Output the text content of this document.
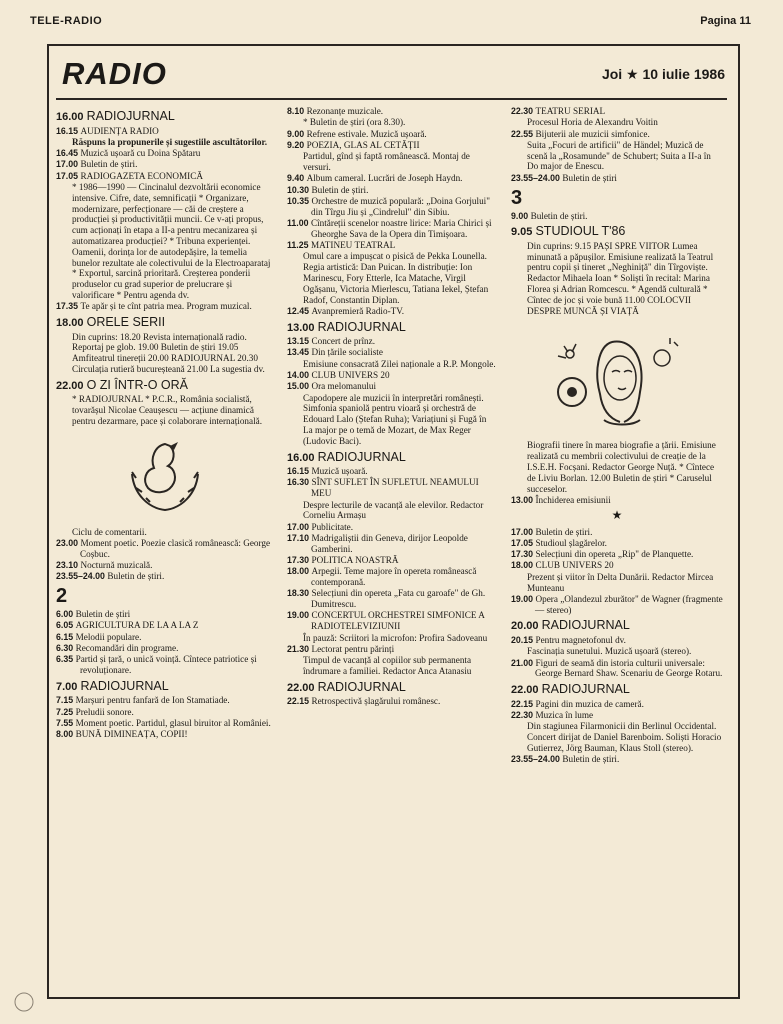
TELE-RADIO	Pagina 11
RADIO	Joi ★ 10 iulie 1986
16.00 RADIOJURNAL
16.15 AUDIENȚA RADIO
Răspuns la propunerile și sugestiile ascultătorilor.
16.45 Muzică ușoară cu Doina Spătaru
17.00 Buletin de știri.
17.05 RADIOGAZETA ECONOMICĂ
* 1986—1990 — Cincinalul dezvoltării economice intensive. Cifre, date, semnificații * Organizare, modernizare, perfecționare — căi de creștere a producției și productivității muncii. Ce v-ați propus, cum acționați în etapa a II-a pentru mecanizarea și automatizarea producției? * Tribuna experienței. Oamenii, dorința lor de autodepășire, la temelia bunelor rezultate ale colectivului de la Electroaparataj * Exportul, sarcină prioritară. Creșterea ponderii produselor cu grad superior de prelucrare și valorificare * Pentru agenda dv.
17.35 Te apăr și te cînt patria mea. Program muzical.
18.00 ORELE SERII
Din cuprins: 18.20 Revista internațională radio. Reportaj pe glob. 19.00 Buletin de știri 19.05 Amfiteatrul tinereții 20.00 RADIOJURNAL 20.30 Circulația rutieră bucureșteană 21.00 La sugestia dv.
22.00 O ZI ÎNTR-O ORĂ
* RADIOJURNAL * P.C.R., România socialistă, tovarășul Nicolae Ceaușescu — acțiune dinamică pentru dezarmare, pace și colaborare internațională.
Ciclu de comentarii.
23.00 Moment poetic. Poezie clasică românească: George Coșbuc.
23.10 Nocturnă muzicală.
23.55–24.00 Buletin de știri.
2
6.00 Buletin de știri
6.05 AGRICULTURA DE LA A LA Z
6.15 Melodii populare.
6.30 Recomandări din programe.
6.35 Partid și țară, o unică voință. Cîntece patriotice și revoluționare.
7.00 RADIOJURNAL
7.15 Marșuri pentru fanfară de Ion Stamatiade.
7.25 Preludii sonore.
7.55 Moment poetic. Partidul, glasul biruitor al României.
8.00 BUNĂ DIMINEAȚA, COPII!
8.10 Rezonanțe muzicale.
* Buletin de știri (ora 8.30).
9.00 Refrene estivale. Muzică ușoară.
9.20 POEZIA, GLAS AL CETĂȚII
Partidul, gînd și faptă românească. Montaj de versuri.
9.40 Album cameral. Lucrări de Joseph Haydn.
10.30 Buletin de știri.
10.35 Orchestre de muzică populară: „Doina Gorjului" din Tîrgu Jiu și „Cindrelul" din Sibiu.
11.00 Cîntăreții scenelor noastre lirice: Maria Chirici și Gheorghe Sava de la Opera din Timișoara.
11.25 MATINEU TEATRAL
Omul care a impușcat o pisică de Pekka Lounella. Regia artistică: Dan Puican. In distribuție: Ion Marinescu, Fory Etterle, Ica Matache, Virgil Ogășanu, Victoria Mierlescu, Tatiana Iekel, Ștefan Radof, Constantin Diplan.
12.45 Avanpremieră Radio-TV.
13.00 RADIOJURNAL
13.15 Concert de prînz.
13.45 Din țările socialiste
Emisiune consacrată Zilei naționale a R.P. Mongole.
14.00 CLUB UNIVERS 20
15.00 Ora melomanului
Capodopere ale muzicii în interpretări românești. Simfonia spaniolă pentru vioară și orchestră de Edouard Lalo (Ștefan Ruha); Variațiuni și Fugă în La major pe o temă de Mozart, de Max Reger (Ludovic Baci).
16.00 RADIOJURNAL
16.15 Muzică ușoară.
16.30 SÎNT SUFLET ÎN SUFLETUL NEAMULUI MEU
Despre lecturile de vacanță ale elevilor. Redactor Corneliu Armașu
17.00 Publicitate.
17.10 Madrigaliștii din Geneva, dirijor Leopolde Gamberini.
17.30 POLITICA NOASTRĂ
18.00 Arpegii. Teme majore în opereta românească contemporană.
18.30 Selecțiuni din opereta „Fata cu garoafe" de Gh. Dumitrescu.
19.00 CONCERTUL ORCHESTREI SIMFONICE A RADIOTELEVIZIUNII
În pauză: Scriitori la microfon: Profira Sadoveanu
21.30 Lectorat pentru părinți
Timpul de vacanță al copiilor sub permanenta îndrumare a familiei. Redactor Anca Atanasiu
22.00 RADIOJURNAL
22.15 Retrospectivă șlagărului românesc.
22.30 TEATRU SERIAL
Procesul Horia de Alexandru Voitin
22.55 Bijuterii ale muzicii simfonice.
Suita „Focuri de artificii" de Händel; Muzică de scenă la „Rosamunde" de Schubert; Suita a II-a în Do major de Enescu.
23.55–24.00 Buletin de știri
3
9.00 Buletin de știri.
9.05 STUDIOUL T'86
Din cuprins: 9.15 PAȘI SPRE VIITOR Lumea minunată a păpușilor. Emisiune realizată la Teatrul pentru copii și tineret „Neghiniță" din Tîrgoviște. Redactor Mihaela Ioan * Soliști în recital: Marina Florea și Adrian Romcescu. * Agendă culturală * Cîntec de joc și voie bună 11.00 COLOCVII DESPRE MUNCĂ ȘI VIAȚĂ
Biografii tinere în marea biografie a țării. Emisiune realizată cu membrii colectivului de creație de la I.S.E.H. Focșani. Redactor George Nuță. * Cîntece de Liviu Borlan. 12.00 Buletin de știri * Caruselul succeselor.
13.00 Închiderea emisiunii
★
17.00 Buletin de știri.
17.05 Studioul șlagărelor.
17.30 Selecțiuni din opereta „Rip" de Planquette.
18.00 CLUB UNIVERS 20
Prezent și viitor în Delta Dunării. Redactor Mircea Munteanu
19.00 Opera „Olandezul zburător" de Wagner (fragmente — stereo)
20.00 RADIOJURNAL
20.15 Pentru magnetofonul dv.
Fascinația sunetului. Muzică ușoară (stereo).
21.00 Figuri de seamă din istoria culturii universale: George Bernard Shaw. Scenariu de George Rotaru.
22.00 RADIOJURNAL
22.15 Pagini din muzica de cameră.
22.30 Muzica în lume
Din stagiunea Filarmonicii din Berlinul Occidental. Concert dirijat de Daniel Barenboim. Soliști Horacio Gutierrez, Jörg Bauman, Klaus Stoll (stereo).
23.55–24.00 Buletin de știri.
